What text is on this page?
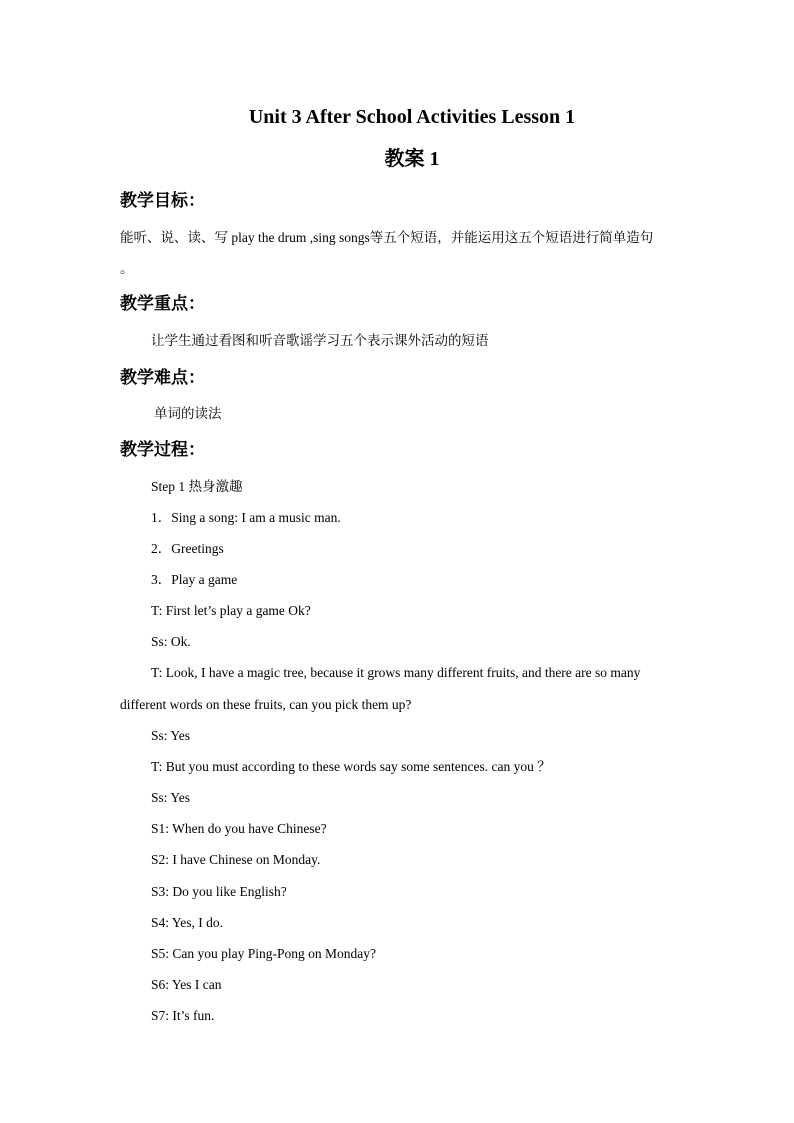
Unit 3 After School Activities Lesson 1
教案 1
教学目标：
能听、说、读、写 play the drum ,sing songs等五个短语，并能运用这五个短语进行简单造句
。
教学重点：
让学生通过看图和听音歌谣学习五个表示课外活动的短语
教学难点：
单词的读法
教学过程：
Step 1 热身激趣
1．Sing a song: I am a music man.
2．Greetings
3．Play a game
T: First let’s play a game Ok?
Ss: Ok.
T: Look, I have a magic tree, because it grows many different fruits, and there are so many
different words on these fruits, can you pick them up?
Ss: Yes
T: But you must according to these words say some sentences. can you ？
Ss: Yes
S1: When do you have Chinese?
S2: I have Chinese on Monday.
S3: Do you like English?
S4: Yes, I do.
S5: Can you play Ping-Pong on Monday?
S6: Yes I can
S7: It’s fun.
